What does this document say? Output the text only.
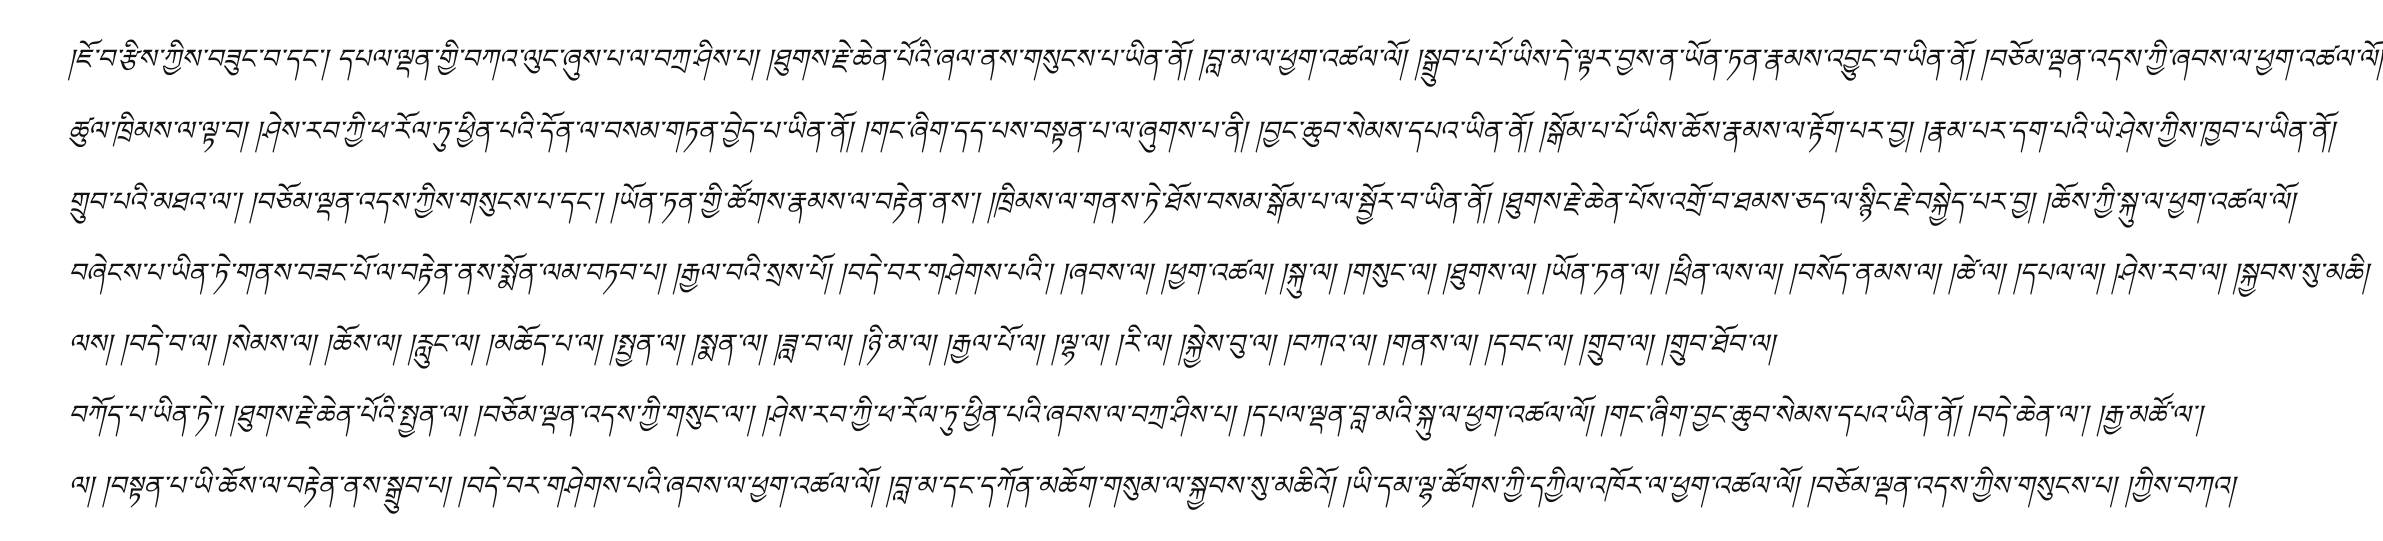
།ཇོ་བ་རྩིས་ཀྱིས་བཟུང་བ་དང་། དཔལ་ལྡན་གྱི་བཀའ་ལུང་ཞུས་པ་ལ་བཀྲ་ཤིས་པ། །ཐུགས་རྗེ་ཆེན་པོའི་ཞལ་ནས་གསུངས་པ་ཡིན་ནོ། །བླ་མ་ལ་ཕྱག་འཚལ་ལོ། །སྒྲུབ་པ་པོ་ཡིས་དེ་ལྟར་བྱས་ན་ཡོན་ཏན་རྣམས་འབྱུང་བ་ཡིན་ནོ། །བཅོམ་ལྡན་འདས་ཀྱི་ཞབས་ལ་ཕྱག་འཚལ་ལོ།
ཚུལ་ཁྲིམས་ལ་ལྟ་བ། །ཤེས་རབ་ཀྱི་ཕ་རོལ་ཏུ་ཕྱིན་པའི་དོན་ལ་བསམ་གཏན་བྱེད་པ་ཡིན་ནོ། །གང་ཞིག་དད་པས་བསྟན་པ་ལ་ཞུགས་པ་ནི། །བྱང་ཆུབ་སེམས་དཔའ་ཡིན་ནོ། །སྒོམ་པ་པོ་ཡིས་ཆོས་རྣམས་ལ་རྟོག་པར་བྱ། །རྣམ་པར་དག་པའི་ཡེ་ཤེས་ཀྱིས་ཁྱབ་པ་ཡིན་ནོ།
གྲུབ་པའི་མཐའ་ལ་། །བཅོམ་ལྡན་འདས་ཀྱིས་གསུངས་པ་དང་། །ཡོན་ཏན་གྱི་ཚོགས་རྣམས་ལ་བརྟེན་ནས་། །ཁྲིམས་ལ་གནས་ཏེ་ཐོས་བསམ་སྒོམ་པ་ལ་སྦྱོར་བ་ཡིན་ནོ། །ཐུགས་རྗེ་ཆེན་པོས་འགྲོ་བ་ཐམས་ཅད་ལ་སྙིང་རྗེ་བསྐྱེད་པར་བྱ། །ཆོས་ཀྱི་སྐུ་ལ་ཕྱག་འཚལ་ལོ།
བཞེངས་པ་ཡིན་ཏེ་གནས་བཟང་པོ་ལ་བརྟེན་ནས་སྨོན་ལམ་བཏབ་པ། །རྒྱལ་བའི་སྲས་པོ། །བདེ་བར་གཤེགས་པའི་། །ཞབས་ལ། །ཕྱག་འཚལ། །སྐུ་ལ། །གསུང་ལ། །ཐུགས་ལ། །ཡོན་ཏན་ལ། །ཕྲིན་ལས་ལ། །བསོད་ནམས་ལ། །ཚེ་ལ། །དཔལ་ལ། །ཤེས་རབ་ལ། །སྐྱབས་སུ་མཆི།
ལས། །བདེ་བ་ལ། །སེམས་ལ། །ཆོས་ལ། །རླུང་ལ། །མཆོད་པ་ལ། །སྤྱན་ལ། །སྨན་ལ། །ཟླ་བ་ལ། །ཉི་མ་ལ། །རྒྱལ་པོ་ལ། །ལྷ་ལ། །རི་ལ། །སྐྱེས་བུ་ལ། །བཀའ་ལ། །གནས་ལ། །དབང་ལ། །གྲུབ་ལ། །གྲུབ་ཐོབ་ལ།
བཀོད་པ་ཡིན་ཏེ་། །ཐུགས་རྗེ་ཆེན་པོའི་སྤྱན་ལ། །བཅོམ་ལྡན་འདས་ཀྱི་གསུང་ལ་། །ཤེས་རབ་ཀྱི་ཕ་རོལ་ཏུ་ཕྱིན་པའི་ཞབས་ལ་བཀྲ་ཤིས་པ། །དཔལ་ལྡན་བླ་མའི་སྐུ་ལ་ཕྱག་འཚལ་ལོ། །གང་ཞིག་བྱང་ཆུབ་སེམས་དཔའ་ཡིན་ནོ། །བདེ་ཆེན་ལ་། །རྒྱ་མཚོ་ལ་།
ལ། །བསྟན་པ་ཡི་ཆོས་ལ་བརྟེན་ནས་སྒྲུབ་པ། །བདེ་བར་གཤེགས་པའི་ཞབས་ལ་ཕྱག་འཚལ་ལོ། །བླ་མ་དང་དཀོན་མཆོག་གསུམ་ལ་སྐྱབས་སུ་མཆིའོ། །ཡི་དམ་ལྷ་ཚོགས་ཀྱི་དཀྱིལ་འཁོར་ལ་ཕྱག་འཚལ་ལོ། །བཅོམ་ལྡན་འདས་ཀྱིས་གསུངས་པ། །ཀྱིས་བཀའ།
